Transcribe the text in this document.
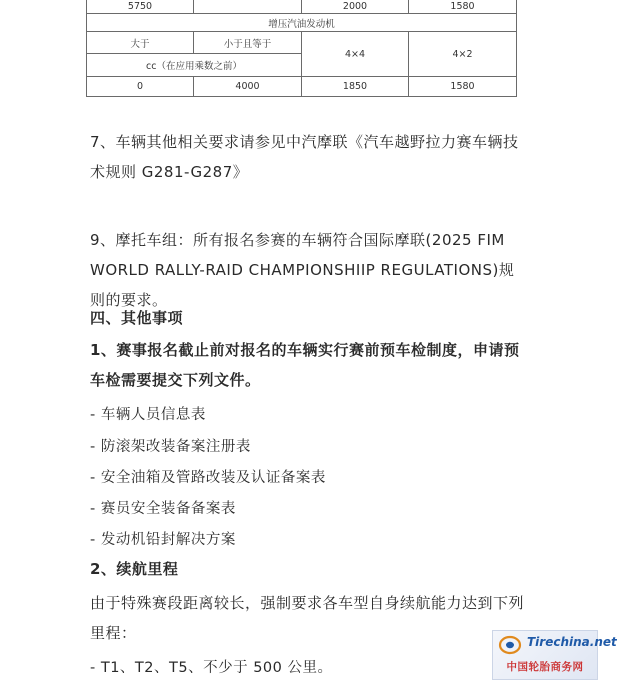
5750		2000	1580
增压汽油发动机			
大于	小于且等于	4×4	4×2
cc（在应用乘数之前）			
0	4000	1850	1580
7、车辆其他相关要求请参见中汽摩联《汽车越野拉力赛车辆技术规则 G281-G287》
9、摩托车组：所有报名参赛的车辆符合国际摩联(2025 FIM WORLD RALLY-RAID CHAMPIONSHIIP REGULATIONS)规则的要求。
四、其他事项
1、赛事报名截止前对报名的车辆实行赛前预车检制度，申请预车检需要提交下列文件。
- 车辆人员信息表
- 防滚架改装备案注册表
- 安全油箱及管路改装及认证备案表
- 赛员安全装备备案表
- 发动机铅封解决方案
2、续航里程
由于特殊赛段距离较长，强制要求各车型自身续航能力达到下列里程：
- T1、T2、T5、不少于 500 公里。
Tirechina.net
中国轮胎商务网
